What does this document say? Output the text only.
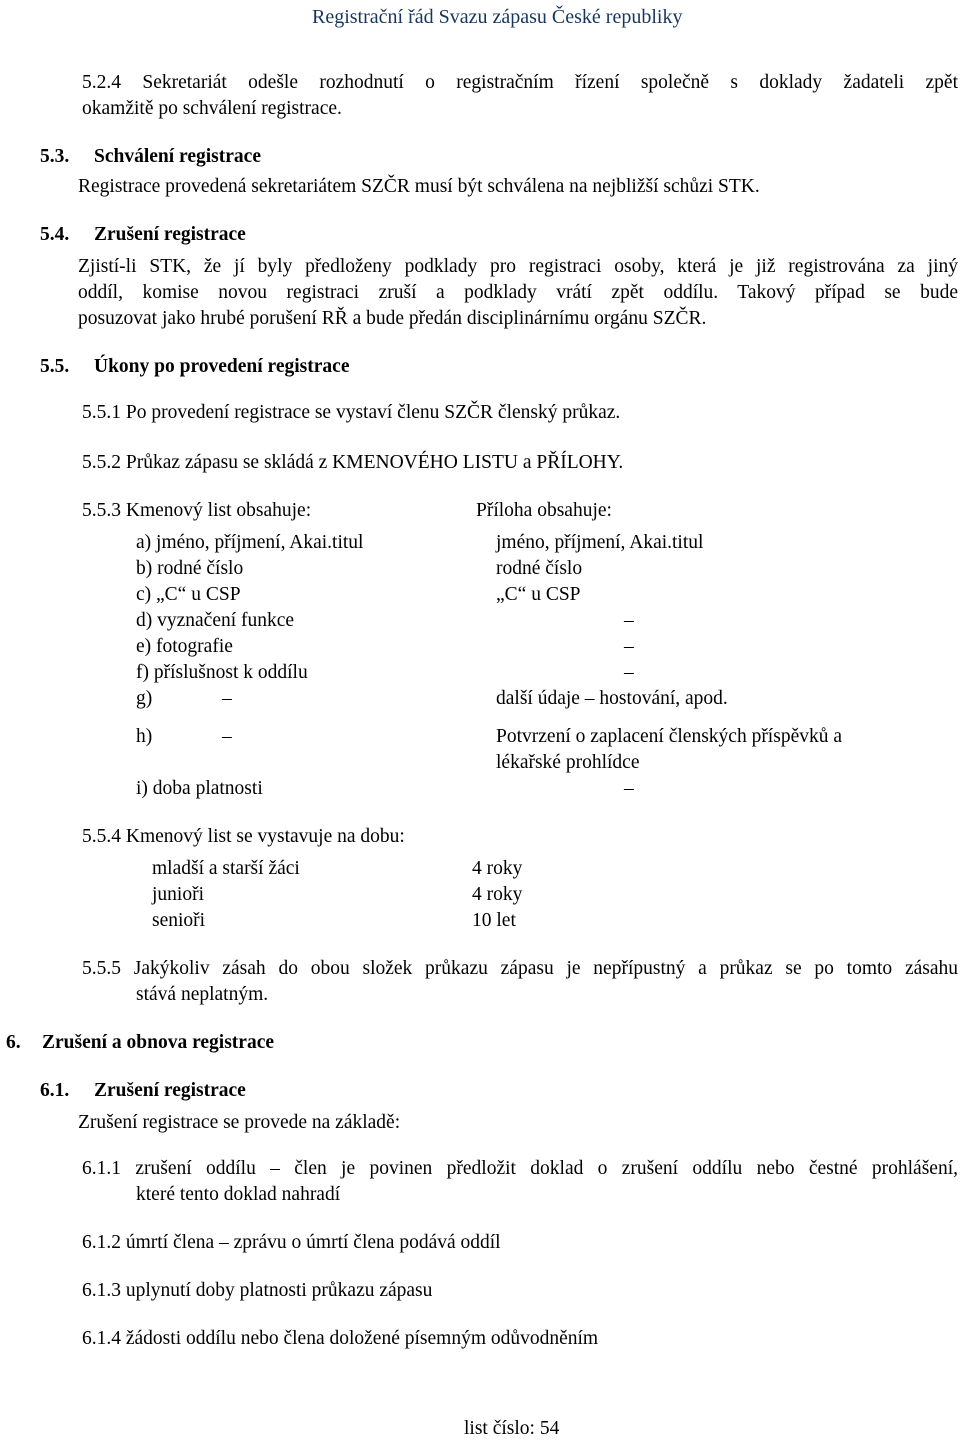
Registrační řád Svazu zápasu České republiky
5.2.4 Sekretariát odešle rozhodnutí o registračním řízení společně s doklady žadateli zpět
okamžitě po schválení registrace.
5.3. Schválení registrace
Registrace provedená sekretariátem SZČR musí být schválena na nejbližší schůzi STK.
5.4. Zrušení registrace
Zjistí-li STK, že jí byly předloženy podklady pro registraci osoby, která je již registrována za jiný
oddíl, komise novou registraci zruší a podklady vrátí zpět oddílu. Takový případ se bude
posuzovat jako hrubé porušení RŘ a bude předán disciplinárnímu orgánu SZČR.
5.5. Úkony po provedení registrace
5.5.1 Po provedení registrace se vystaví členu SZČR členský průkaz.
5.5.2 Průkaz zápasu se skládá z KMENOVÉHO LISTU a PŘÍLOHY.
5.5.3 Kmenový list obsahuje:	Příloha obsahuje:
a) jméno, příjmení, Akai.titul	jméno, příjmení, Akai.titul
b) rodné číslo	rodné číslo
c) „C“ u CSP	„C“ u CSP
d) vyznačení funkce	–
e) fotografie	–
f) příslušnost k oddílu	–
g)	–	další údaje – hostování, apod.
h)	–	Potvrzení o zaplacení členských příspěvků a
lékařské prohlídce
i) doba platnosti	–
5.5.4 Kmenový list se vystavuje na dobu:
mladší a starší žáci	4 roky
junioři	4 roky
senioři	10 let
5.5.5 Jakýkoliv zásah do obou složek průkazu zápasu je nepřípustný a průkaz se po tomto zásahu
stává neplatným.
6. Zrušení a obnova registrace
6.1. Zrušení registrace
Zrušení registrace se provede na základě:
6.1.1 zrušení oddílu – člen je povinen předložit doklad o zrušení oddílu nebo čestné prohlášení,
které tento doklad nahradí
6.1.2 úmrtí člena – zprávu o úmrtí člena podává oddíl
6.1.3 uplynutí doby platnosti průkazu zápasu
6.1.4 žádosti oddílu nebo člena doložené písemným odůvodněním
list číslo: 54
